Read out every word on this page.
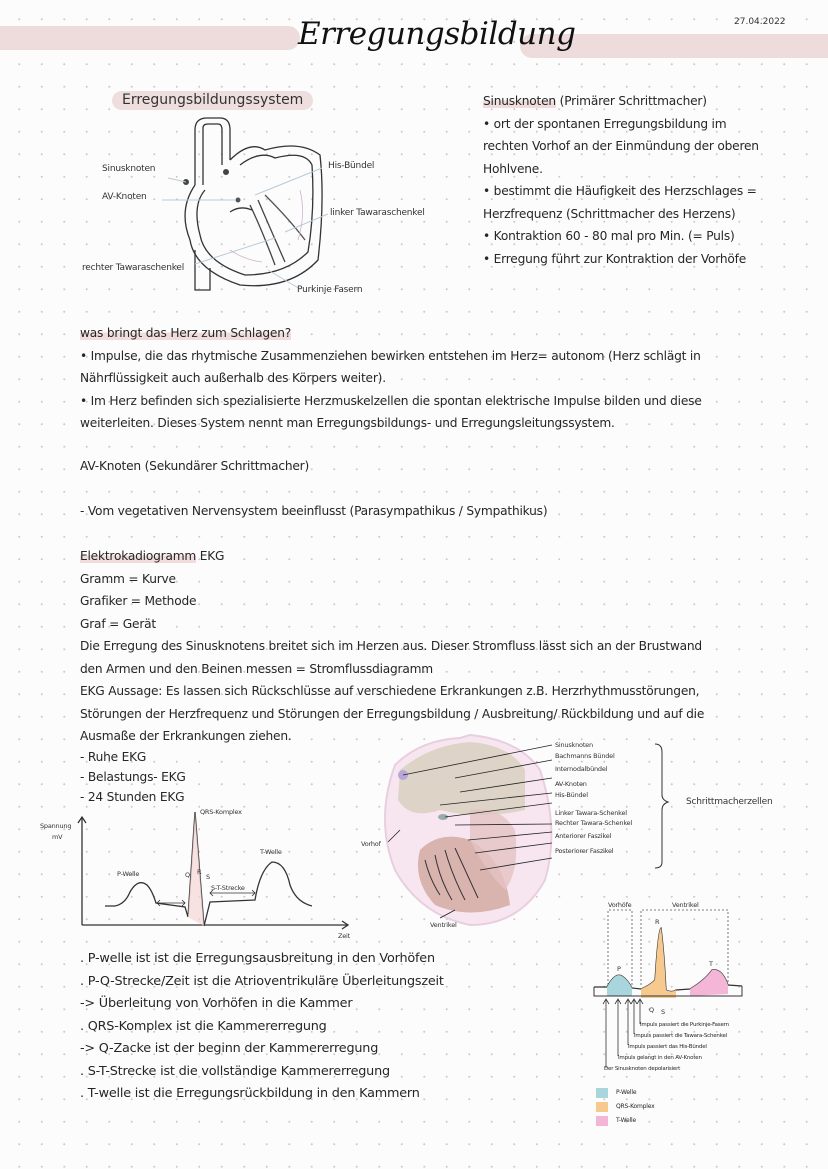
Erregungsbildung	27.04.2022
Erregungsbildungssystem
Sinusknoten
AV-Knoten
His-Bündel
linker Tawaraschenkel
rechter Tawaraschenkel
Purkinje Fasern
Sinusknoten (Primärer Schrittmacher)
• ort der spontanen Erregungsbildung im
rechten Vorhof an der Einmündung der oberen
Hohlvene.
• bestimmt die Häufigkeit des Herzschlages =
Herzfrequenz (Schrittmacher des Herzens)
• Kontraktion 60 - 80 mal pro Min. (= Puls)
• Erregung führt zur Kontraktion der Vorhöfe
was bringt das Herz zum Schlagen?
• Impulse, die das rhytmische Zusammenziehen bewirken entstehen im Herz= autonom (Herz schlägt in
Nährflüssigkeit auch außerhalb des Körpers weiter).
• Im Herz befinden sich spezialisierte Herzmuskelzellen die spontan elektrische Impulse bilden und diese
weiterleiten. Dieses System nennt man Erregungsbildungs- und Erregungsleitungssystem.
AV-Knoten (Sekundärer Schrittmacher)
- Vom vegetativen Nervensystem beeinflusst (Parasympathikus / Sympathikus)
Elektrokadiogramm EKG
Gramm = Kurve
Grafiker = Methode
Graf = Gerät
Die Erregung des Sinusknotens breitet sich im Herzen aus. Dieser Stromfluss lässt sich an der Brustwand
den Armen und den Beinen messen = Stromflussdiagramm
EKG Aussage: Es lassen sich Rückschlüsse auf verschiedene Erkrankungen z.B. Herzrhythmusstörungen,
Störungen der Herzfrequenz und Störungen der Erregungsbildung / Ausbreitung/ Rückbildung und auf die
Ausmaße der Erkrankungen ziehen.
- Ruhe EKG
- Belastungs- EKG
- 24 Stunden EKG
Spannung
mV
Zeit
QRS-Komplex
P-Welle
T-Welle
S-T-Strecke
Q R
S
Sinusknoten
Bachmanns Bündel
Internodalbündel
AV-Knoten
His-Bündel
Linker Tawara-Schenkel
Rechter Tawara-Schenkel
Anteriorer Faszikel
Posteriorer Faszikel
Vorhof
Ventrikel
Schrittmacherzellen
Vorhöfe	Ventrikel
P
R
Q S
T
Impuls passiert die Purkinje-Fasern
Impuls passiert die Tawara-Schenkel
Impuls passiert das His-Bündel
Impuls gelangt in den AV-Knoten
Der Sinusknoten depolarisiert
P-Welle
QRS-Komplex
T-Welle
. P-welle ist ist die Erregungsausbreitung in den Vorhöfen
. P-Q-Strecke/Zeit ist die Atrioventrikuläre Überleitungszeit
-> Überleitung von Vorhöfen in die Kammer
. QRS-Komplex ist die Kammererregung
-> Q-Zacke ist der beginn der Kammererregung
. S-T-Strecke ist die vollständige Kammererregung
. T-welle ist die Erregungsrückbildung in den Kammern
